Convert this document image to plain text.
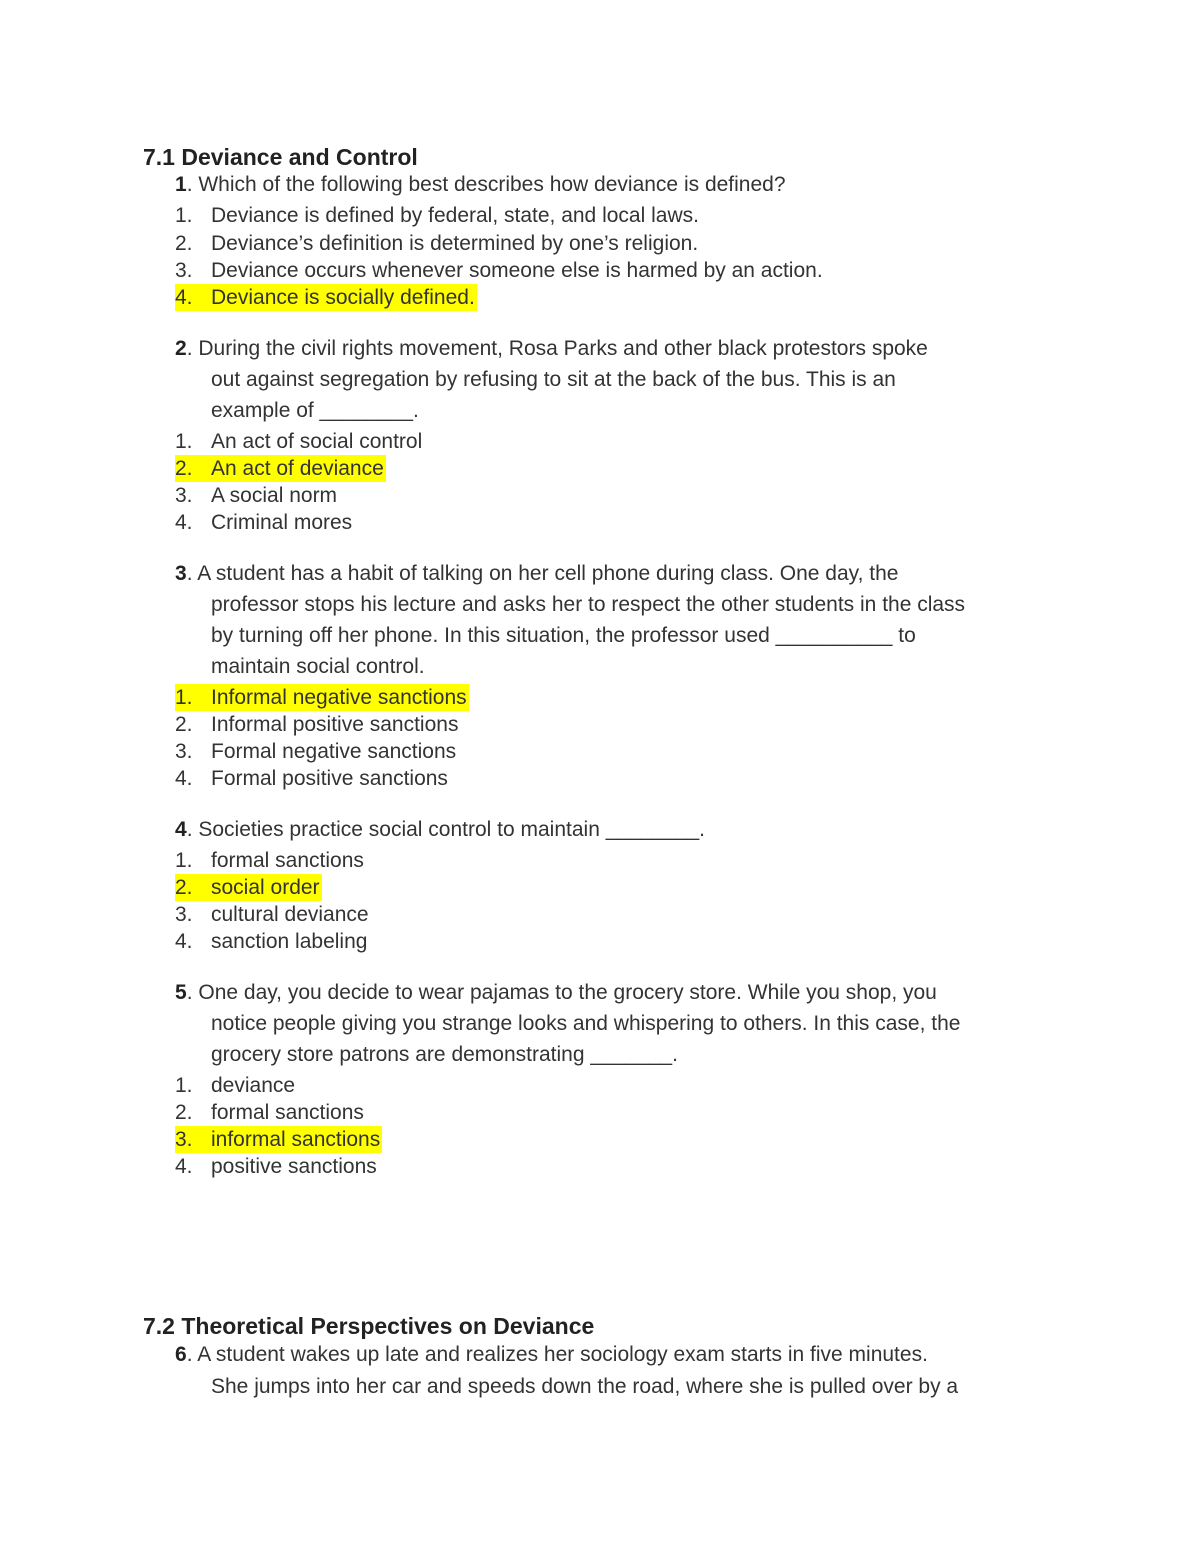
7.1 Deviance and Control
1. Which of the following best describes how deviance is defined?
1. Deviance is defined by federal, state, and local laws.
2. Deviance’s definition is determined by one’s religion.
3. Deviance occurs whenever someone else is harmed by an action.
4. Deviance is socially defined.
2. During the civil rights movement, Rosa Parks and other black protestors spoke
out against segregation by refusing to sit at the back of the bus. This is an
example of ________.
1. An act of social control
2. An act of deviance
3. A social norm
4. Criminal mores
3. A student has a habit of talking on her cell phone during class. One day, the
professor stops his lecture and asks her to respect the other students in the class
by turning off her phone. In this situation, the professor used __________ to
maintain social control.
1. Informal negative sanctions
2. Informal positive sanctions
3. Formal negative sanctions
4. Formal positive sanctions
4. Societies practice social control to maintain ________.
1. formal sanctions
2. social order
3. cultural deviance
4. sanction labeling
5. One day, you decide to wear pajamas to the grocery store. While you shop, you
notice people giving you strange looks and whispering to others. In this case, the
grocery store patrons are demonstrating _______.
1. deviance
2. formal sanctions
3. informal sanctions
4. positive sanctions
7.2 Theoretical Perspectives on Deviance
6. A student wakes up late and realizes her sociology exam starts in five minutes.
She jumps into her car and speeds down the road, where she is pulled over by a
